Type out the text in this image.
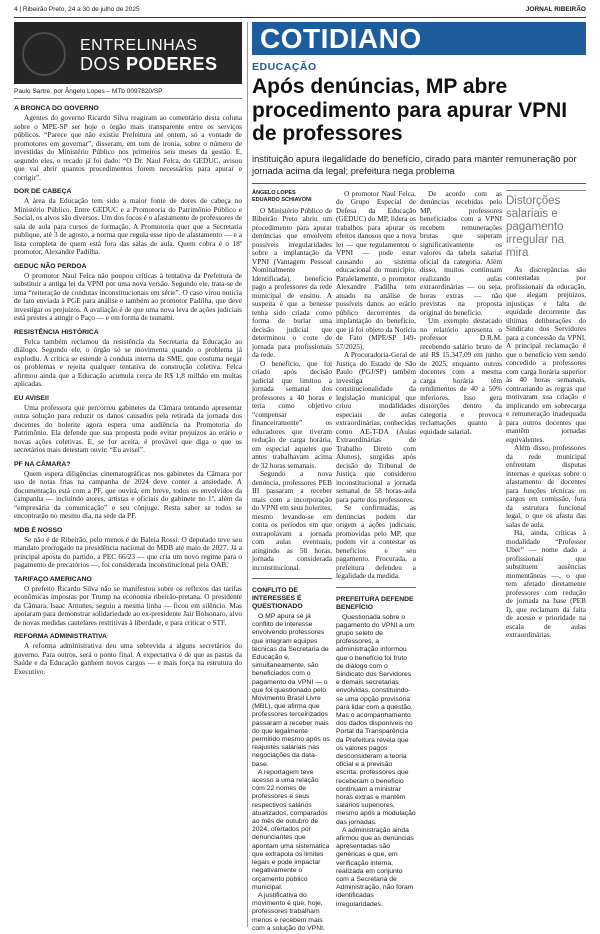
4 | Ribeirão Preto, 24 a 30 de julho de 2025	JORNAL RIBEIRÃO
ENTRELINHAS
DOS PODERES
Paulo Sartre, por Ângelo Lopes – MTb 0097820/SP
A BRONCA DO GOVERNO

Agentes do governo Ricardo Silva reagiram ao comentário desta coluna sobre o MPE-SP ser hoje o órgão mais transparente entre os serviços públicos. “Parece que não existiu Prefeitura até ontem, só a vontade de promotores em governar”, disseram, em tom de ironia, sobre o número de investidas do Ministério Público nos primeiros seis meses da gestão. E, segundo eles, o recado já foi dado: “O Dr. Naul Felca, do GEDUC, avisou que vai abrir quantos procedimentos forem necessários para apurar e corrigir”.

DOR DE CABEÇA

A área da Educação tem sido a maior fonte de dores de cabeça no Ministério Público. Entre GEDUC e a Promotoria do Patrimônio Público e Social, os alvos são diversos. Um dos focos é o afastamento de professores de sala de aula para cursos de formação. A Promotoria quer que a Secretaria publique, até 3 de agosto, a norma que regula esse tipo de afastamento — e a lista completa de quem está fora das salas de aula. Quem cobra é o 18º promotor, Alexandre Padilha.

GEDUC NÃO PERDOA

O promotor Naul Felca não poupou críticas à tentativa da Prefeitura de substituir a antiga lei da VPNI por uma nova versão. Segundo ele, trata-se de uma “reiteração de condutas inconstitucionais em série”. O caso virou notícia de fato enviada à PGE para análise e também ao promotor Padilha, que deve investigar os prejuízos. A avaliação é de que uma nova leva de ações judiciais está prestes a atingir o Paço — e em forma de tsunami.

RESISTÊNCIA HISTÓRICA

Felca também reclamou da resistência da Secretaria da Educação ao diálogo. Segundo ele, o órgão só se movimenta quando o problema já explodiu. A crítica se estende à conduta interna da SME, que costuma negar os problemas e rejeita qualquer tentativa de construção coletiva. Felca afirmou ainda que a Educação acumula cerca de R$ 1,8 milhão em multas aplicadas.

EU AVISEI!

Uma professora que percorreu gabinetes da Câmara tentando apresentar outra solução para reduzir os danos causados pela retirada da jornada dos docentes do holerite agora espera uma audiência na Promotoria do Patrimônio. Ela defende que sua proposta pode evitar prejuízos ao erário e novas ações coletivas. E, se for aceita, é provável que diga o que os secretários mais detestam ouvir: “Eu avisei”.

PF NA CÂMARA?

Quem espera diligências cinematográficas nos gabinetes da Câmara por uso de notas frias na campanha de 2024 deve conter a ansiedade. A documentação está com a PF, que ouvirá, em breve, todos os envolvidos da campanha — incluindo atores, artistas e oficiais do gabinete no 1º, além da “empresária da comunicação” e seu cônjuge. Resta saber se todos se encontrarão no mesmo dia, na sede da PF.

MDB É NOSSO

Se não é de Ribeirão, pelo menos é de Baleia Rossi. O deputado teve seu mandato prorrogado na presidência nacional do MDB até maio de 2027. Já a principal aposta do partido, a PEC 66/23 — que cria um novo regime para o pagamento de precatórios —, foi considerada inconstitucional pela OAB.

TARIFAÇO AMERICANO

O prefeito Ricardo Silva não se manifestou sobre os reflexos das tarifas econômicas impostas por Trump na economia ribeirão-pretana. O presidente da Câmara, Isaac Antunes, seguiu a mesma linha — ficou em silêncio. Mas apoiaram para demonstrar solidariedade ao ex-presidente Jair Bolsonaro, alvo de novas medidas cautelares restritivas à liberdade, e para criticar o STF.

REFORMA ADMINISTRATIVA

A reforma administrativa deu uma sobrevida a alguns secretários do governo. Para outros, será o ponto final. A expectativa é de que as pastas da Saúde e da Educação ganhem novos cargos — e mais força na estrutura do Executivo.

COTIDIANO
EDUCAÇÃO
Após denúncias, MP abre procedimento para apurar VPNI de professores
instituição apura ilegalidade do benefício, cirado para manter remuneração por jornada acima da legal; prefeitura nega problema
ÂNGELO LOPES
EDUARDO SCHIAVONI

O Ministério Público de Ribeirão Preto abriu um procedimento para apurar denúncias que envolvem possíveis irregularidades sobre a implantação da VPNI (Vantagem Pessoal Nominalmente Identificada), benefício pago a professores da rede municipal de ensino. A suspeita é que a benesse tenha sido criada como forma de burlar uma decisão judicial que determinou o corte de jornada para profissionais da rede.

O benefício, que foi criado após decisão judicial que limitou a jornada semanal dos professores a 40 horas e teria como objetivo “compensar financeiramente” os educadores que tiveram redução de carga horária, em especial aqueles que antes trabalhavam acima de 32 horas semanais.

Segundo a nova denúncia, professores PEB III passaram a receber mais com a incorporação do VPNI em seus holerites, mesmo levando-se em conta os períodos em que extrapolavam a jornada com aulas eventuais, atingindo as 58 horas, jornada considerada inconstitucional.

CONFLITO DE INTERESSES É QUESTIONADO

O MP apura se já conflito de interesse envolvendo professores que integram equipes técnicas da Secretaria de Educação e, simultaneamente, são beneficiados com o pagamento da VPNI — o que foi questionado pelo Movimento Brasil Livre (MBL), que afirma que professores terceirizados passaram a receber mais do que legalmente permitido mesmo após os reajustes salariais nas negociações da data-base.

A reportagem teve acesso a uma relação com 22 nomes de professores e seus respectivos salários atualizados, comparados ao mês de outubro de 2024, ofertados por denunciantes que apontam uma sistemática que extrapola os limites legais e pode impactar negativamente o orçamento público municipal.

A justificativa do movimento é que, hoje, professores trabalham menos e recebem mais com a solução do VPNI.

O promotor Naul Felca, do Grupo Especial de Defesa da Educação (GEDUC) do MP, lidera os trabalhos para apurar os efeitos danosos que a nova lei — que regulamentou o VPNI — pode estar causando ao sistema educacional do município. Paralelamente, o promotor Alexandre Padilha tem atuado na análise de possíveis danos ao erário público decorrentes da implantação do benefício, que já foi objeto da Notícia de Fato (MPE/SP 149-57/2025).

A Procuradoria-Geral de Justiça do Estado de São Paulo (PGJ/SP) também investiga a constitucionalidade da legislação municipal que criou modalidades especiais de aulas extraordinárias, conhecidas como AE-T-DA (Aulas Extraordinárias de Trabalho Direto com Alunos), surgidas após decisão do Tribunal de Justiça que considerou inconstitucional a jornada semanal de 58 horas-aula para parte dos professores.

Se confirmadas, as denúncias podem dar origem a ações judiciais, promovidas pelo MP, que podem vir a contestar os benefícios e seu pagamento. Procurada, a prefeitura defendeu a legalidade da medida.

PREFEITURA DEFENDE BENEFÍCIO

Questionada sobre o pagamento do VPNI a um grupo seleto de professores, a administração informou que o benefício foi fruto de diálogo com o Sindicato dos Servidores e demais secretarias envolvidas, constituindo-se uma opção provisória para lidar com a questão. Mas o acompanhamento dos dados disponíveis no Portal da Transparência da Prefeitura revela que os valores pagos desconsideram a teoria oficial e a previsão escrita: professores que receberam o benefício continuam a ministrar horas extras e mantêm salários superiores, mesmo após a modulação das jornadas.

A administração ainda afirmou que as denúncias apresentadas são genéricas e que, em verificação interna, realizada em conjunto com a Secretaria de Administração, não foram identificadas irregularidades.

De acordo com as denúncias recebidas pelo MP, professores beneficiados com a VPNI recebem remunerações brutas que superam significativamente os valores da tabela salarial oficial da categoria. Além disso, muitos continuam realizando aulas extraordinárias — ou seja, horas extras — não previstas na proposta original do benefício.

Um exemplo destacado no relatório apresenta o professor D.R.M. recebendo salário bruto de até R$ 15.347,09 em junho de 2025, enquanto outros docentes com a mesma carga horária têm rendimentos de 40 a 50% inferiores. Isso gera distorções dentro da categoria e provoca reclamações quanto à equidade salarial.

Distorções salariais e pagamento irregular na mira

As discrepâncias são contestadas por profissionais da educação, que alegam prejuízos, injustiças e falta de equidade decorrente das últimas deliberações do Sindicato dos Servidores para a concessão da VPNI. A principal reclamação é que o benefício vem sendo concedido a professores com carga horária superior às 40 horas semanais, contrariando as regras que motivaram sua criação e implicando em sobrecarga e remuneração inadequada para outros docentes que mantêm jornadas equivalentes.

Além disso, professores da rede municipal enfrentam disputas internas e queixas sobre o afastamento de docentes para funções técnicas ou cargos em comissão, fora da estrutura funcional legal, o que os afasta das salas de aula.

Há, ainda, críticas à modalidade “Professor Uber” — nome dado a profissionais que substituem ausências momentâneas —, o que tem afetado diretamente professores com redução de jornada na base (PEB I), que reclamam da falta de acesso e prioridade na escala de aulas extraordinárias.
